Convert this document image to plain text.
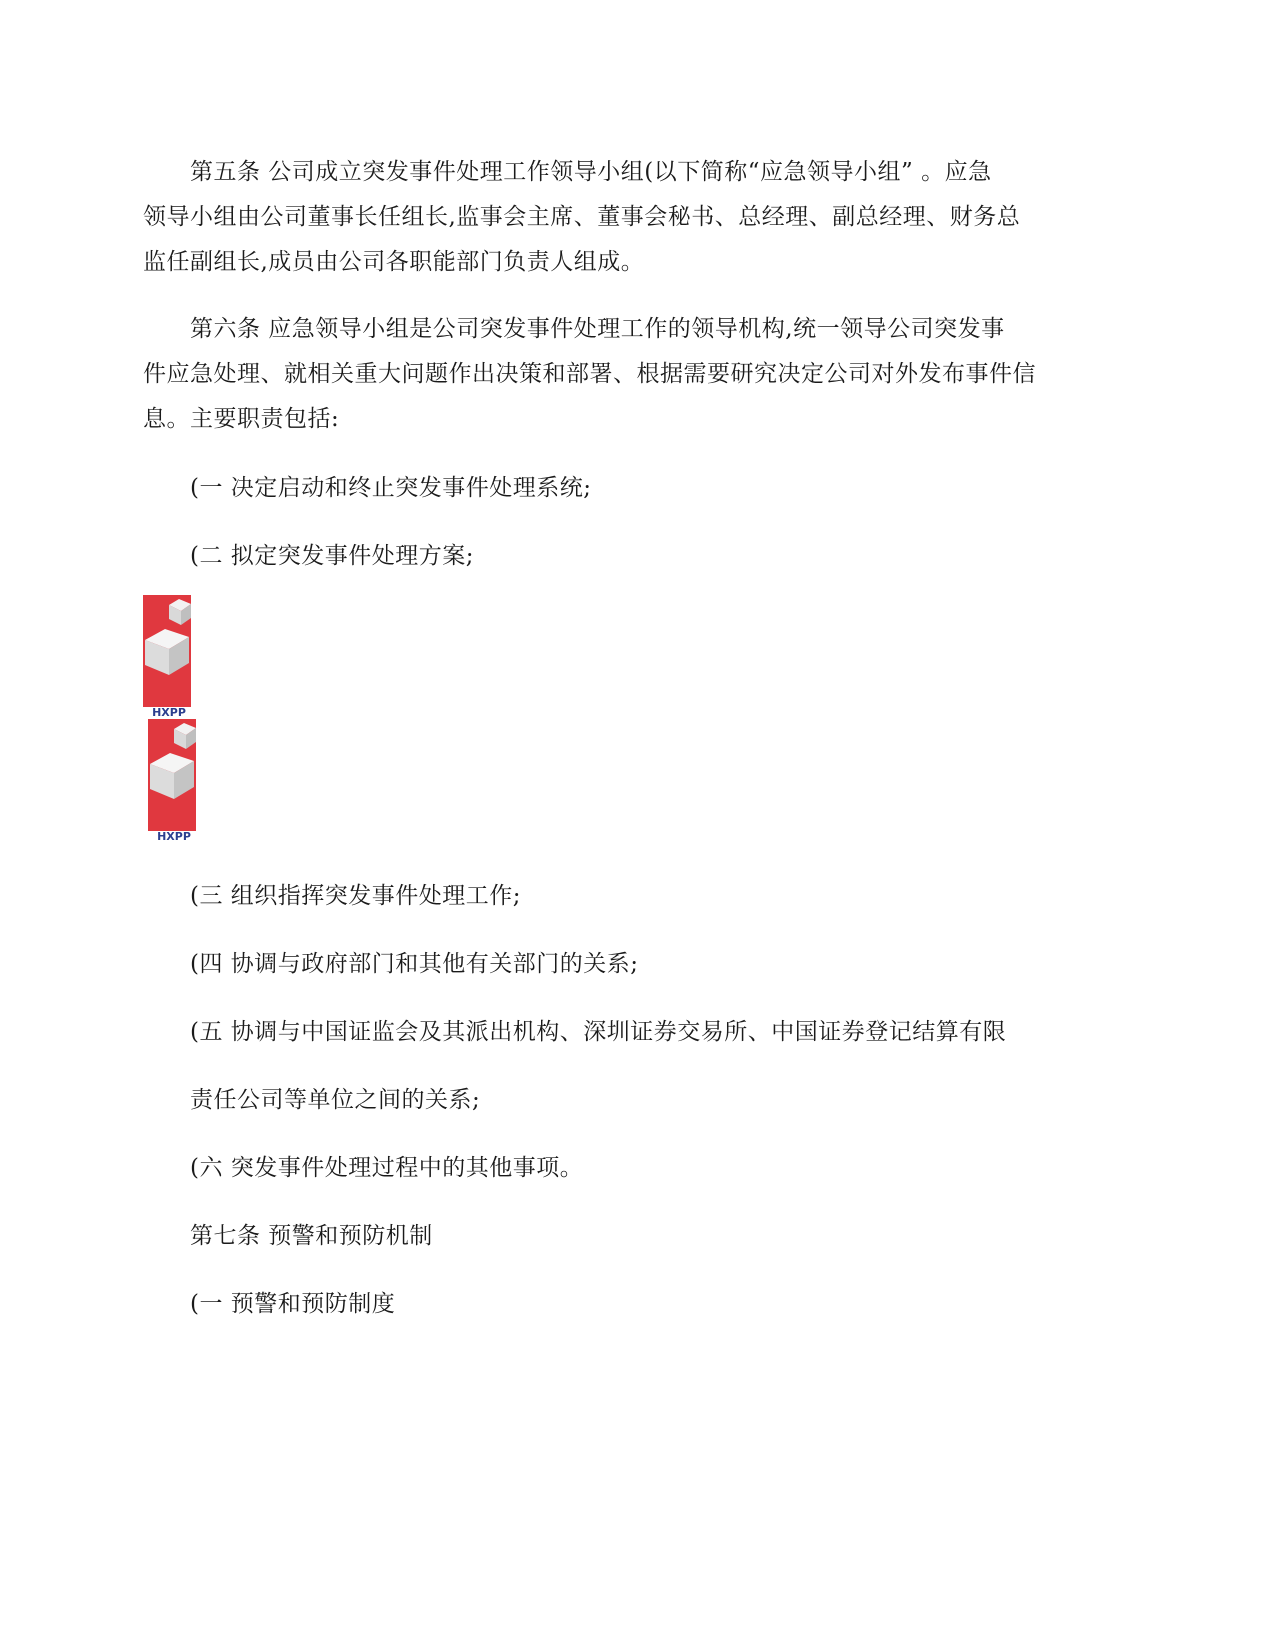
第五条 公司成立突发事件处理工作领导小组(以下简称“应急领导小组” 。应急
领导小组由公司董事长任组长,监事会主席、董事会秘书、总经理、副总经理、财务总
监任副组长,成员由公司各职能部门负责人组成。
第六条 应急领导小组是公司突发事件处理工作的领导机构,统一领导公司突发事
件应急处理、就相关重大问题作出决策和部署、根据需要研究决定公司对外发布事件信
息。主要职责包括:
(一 决定启动和终止突发事件处理系统;
(二 拟定突发事件处理方案;
HXPP
HXPP
(三 组织指挥突发事件处理工作;
(四 协调与政府部门和其他有关部门的关系;
(五 协调与中国证监会及其派出机构、深圳证券交易所、中国证券登记结算有限
责任公司等单位之间的关系;
(六 突发事件处理过程中的其他事项。
第七条 预警和预防机制
(一 预警和预防制度
